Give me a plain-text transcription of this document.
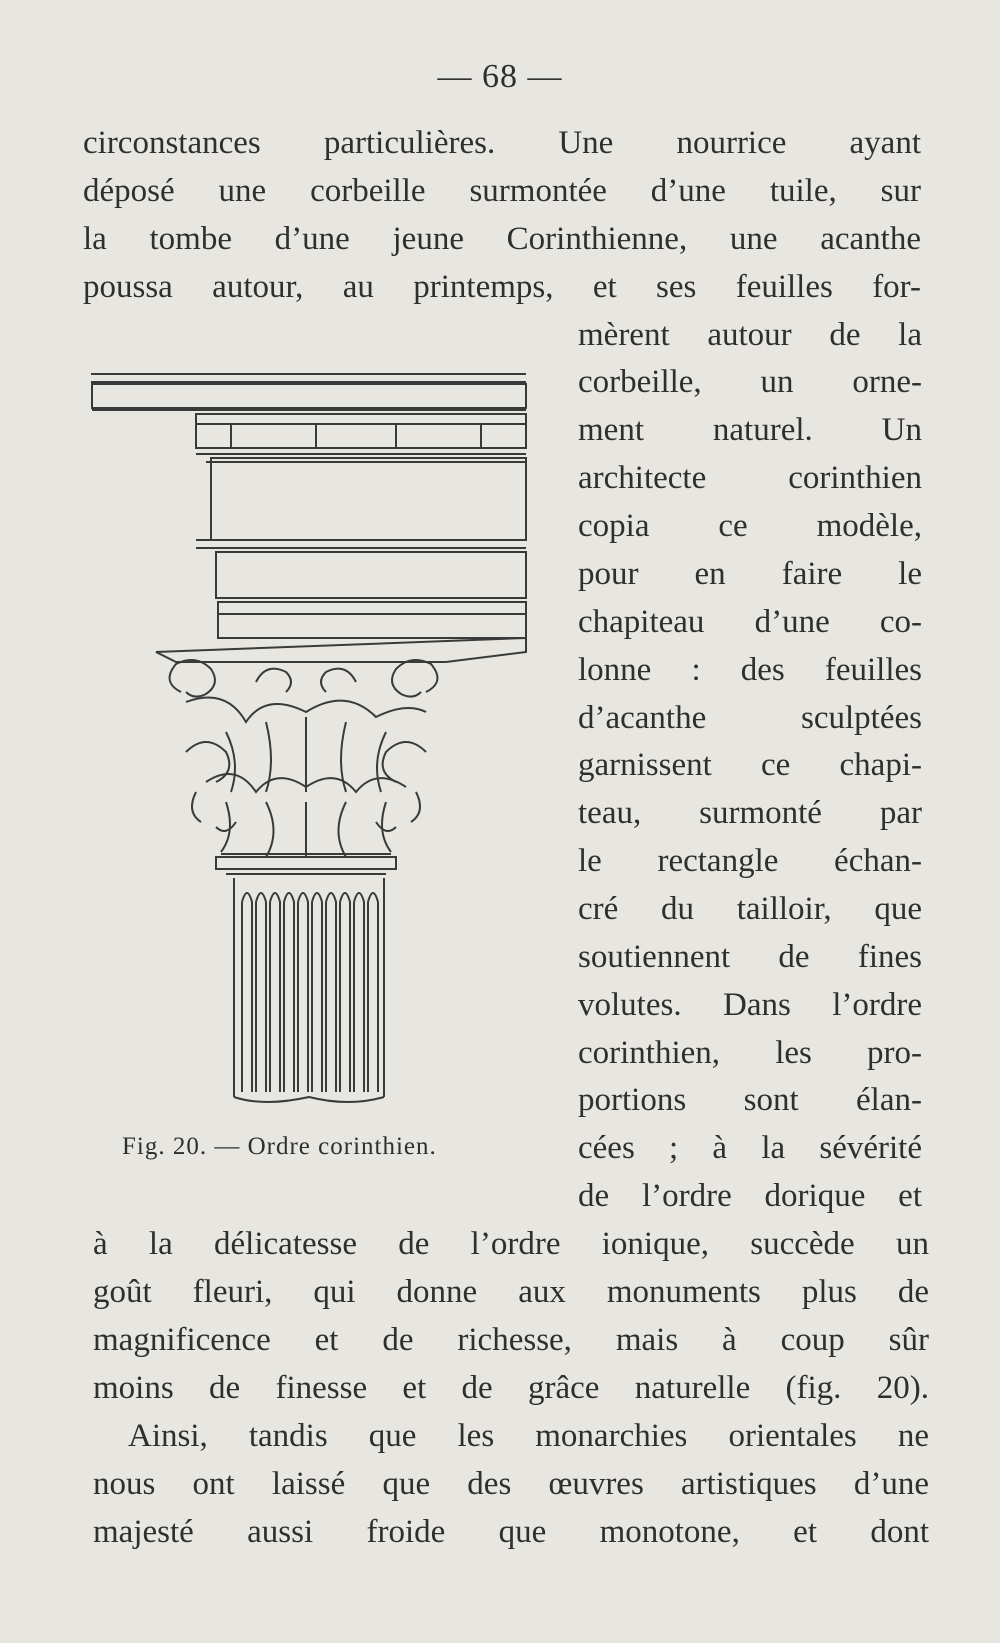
— 68 —
circonstances particulières. Une nourrice ayant
déposé une corbeille surmontée d’une tuile, sur
la tombe d’une jeune Corinthienne, une acanthe
poussa autour, au printemps, et ses feuilles for-
mèrent autour de la
corbeille, un orne-
ment naturel. Un
architecte corinthien
copia ce modèle,
pour en faire le
chapiteau d’une co-
lonne : des feuilles
d’acanthe sculptées
garnissent ce chapi-
teau, surmonté par
le rectangle échan-
cré du tailloir, que
soutiennent de fines
volutes. Dans l’ordre
corinthien, les pro-
portions sont élan-
cées ; à la sévérité
de l’ordre dorique et
à la délicatesse de l’ordre ionique, succède un
goût fleuri, qui donne aux monuments plus de
magnificence et de richesse, mais à coup sûr
moins de finesse et de grâce naturelle (fig. 20).
Ainsi, tandis que les monarchies orientales ne
nous ont laissé que des œuvres artistiques d’une
majesté aussi froide que monotone, et dont
Fig. 20. — Ordre corinthien.
